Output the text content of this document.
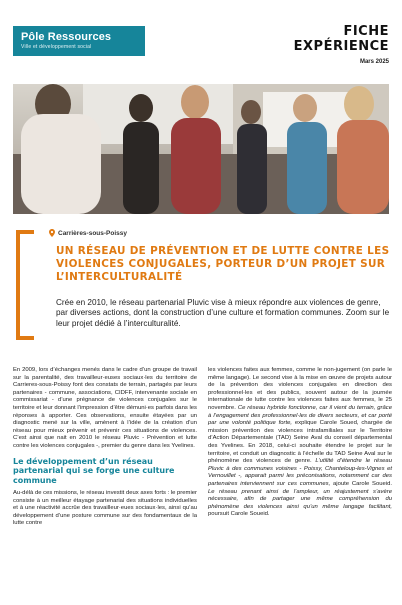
Pôle Ressources
Ville et développement social
FICHE
EXPÉRIENCE
Mars 2025
Carrières-sous-Poissy
UN RÉSEAU DE PRÉVENTION ET DE LUTTE CONTRE LES VIOLENCES CONJUGALES, PORTEUR D’UN PROJET SUR L’INTERCULTURALITÉ
Crée en 2010, le réseau partenarial Pluvic vise à mieux répondre aux violences de genre, par diverses actions, dont la construction d’une culture et formation communes. Zoom sur le leur projet dédié à l’interculturalité.

En 2009, lors d’échanges menés dans le cadre d’un groupe de travail sur la parentalité, des travailleur·euses sociaux·les du territoire de Carrieres-sous-Poissy font des constats de terrain, partagés par leurs partenaires - commune, associations, CIDFF, intervenante sociale en commissariat - d’une prégnance de violences conjugales sur le territoire et leur donnant l’impression d’être démuni·es parfois dans les réponses à apporter. Ces observations, ensuite étayées par un diagnostic mené sur la ville, amènent à l’idée de la création d’un réseau pour mieux prévenir et prévenir ces situations de violences. C’est ainsi que nait en 2010 le réseau Pluvic - Prévention et lutte contre les violences conjugales -, premier du genre dans les Yvelines.

Le développement d’un réseau partenarial qui se forge une culture commune

Au-délà de ces missions, le réseau investit deux axes forts : le premier consiste à un meilleur étayage partenarial des situations individuelles et à une réactivité accrûe des travailleur·eues sociaux·les, ainsi qu’au développement d’une posture commune sur des fondamentaux de la lutte contre

les violences faites aux femmes, comme le non-jugement (on parle le même langage). Le second vise à la mise en œuvre de projets autour de la prévention des violences conjugales en direction des professionnel·les et des publics, souvent autour de la journée internationale de lutte contre les violences faites aux femmes, le 25 novembre. Ce réseau hybride fonctionne, car il vient du terrain, grâce à l’engagement des professionnel·les de divers secteurs, et car porté par une volonté politique forte, explique Carole Soued, chargée de mission prévention des violences intrafamiliales sur le Territoire d’Action Départementale (TAD) Seine Aval du conseil départemental des Yvelines. En 2018, celui-ci souhaite étendre le projet sur le territoire, et conduit un diagnostic à l’échelle du TAD Seine Aval sur le phénomène des violences de genre. L’utilité d’étendre le réseau Pluvic à des communes voisines - Poissy, Chanteloup-les-Vignes et Vernouillet -, apparait parmi les préconisations, notamment car des partenaires interviennent sur ces communes, ajoute Carole Soueid. Le réseau prenant ainsi de l’ampleur, un réajustement s’avère nécessaire, afin de partager une même compréhension du phénomène des violences ainsi qu’un même langage facilitant, poursuit Carole Soueid.
